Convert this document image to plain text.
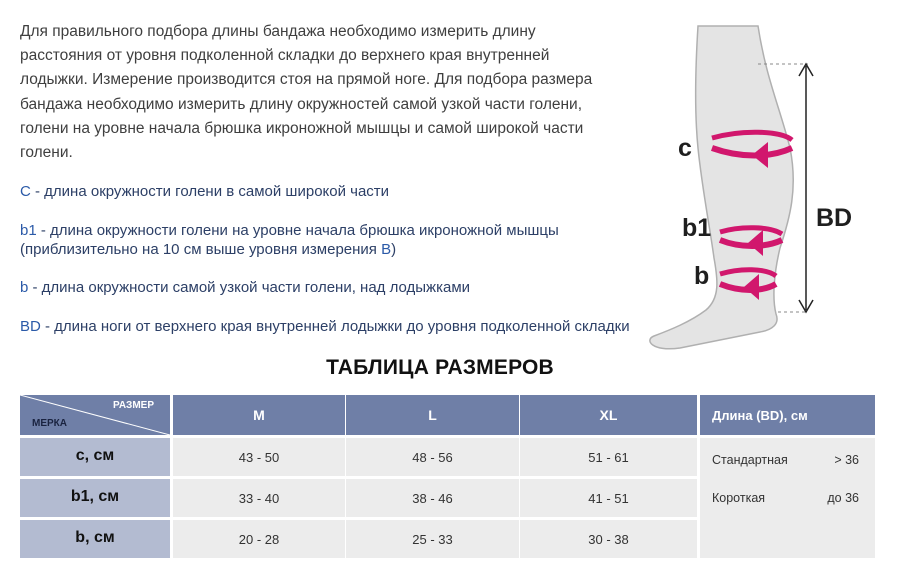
Для правильного подбора длины бандажа необходимо измерить длину расстояния от уровня подколенной складки до верхнего края внутренней лодыжки. Измерение производится стоя на прямой ноге. Для подбора размера бандажа необходимо измерить длину окружностей самой узкой части голени, голени на уровне начала брюшка икроножной мышцы и самой широкой части голени.
C - длина окружности голени в самой широкой части
b1 - длина окружности голени на уровне начала брюшка икроножной мышцы (приблизительно на 10 см выше уровня измерения B)
b - длина окружности самой узкой части голени, над лодыжками
BD - длина ноги от верхнего края внутренней лодыжки до уровня подколенной складки
c
b1
b
BD
ТАБЛИЦА РАЗМЕРОВ
РАЗМЕР
МЕРКА
M	L	XL
c, см	43 - 50	48 - 56	51 - 61
b1, см	33 - 40	38 - 46	41 - 51
b, см	20 - 28	25 - 33	30 - 38
Длина (BD), см
Стандартная	> 36
Короткая	до 36
